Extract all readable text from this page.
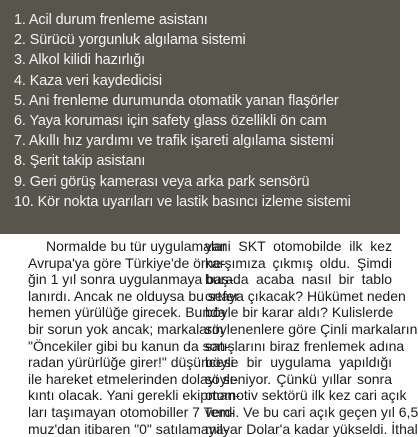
1. Acil durum frenleme asistanı
2. Sürücü yorgunluk algılama sistemi
3. Alkol kilidi hazırlığı
4. Kaza veri kaydedicisi
5. Ani frenleme durumunda otomatik yanan flaşörler
6. Yaya koruması için safety glass özellikli ön cam
7. Akıllı hız yardımı ve trafik işareti algılama sistemi
8. Şerit takip asistanı
9. Geri görüş kamerası veya arka park sensörü
10. Kör nokta uyarıları ve lastik basıncı izleme sistemi

Normalde bu tür uygulamalar
Avrupa'ya göre Türkiye'de örne-
ğin 1 yıl sonra uygulanmaya baş-
lanırdı. Ancak ne olduysa bu sefer
hemen yürülüğe girecek. Bunda
bir sorun yok ancak; markaların
"Öncekiler gibi bu kanun da son-
radan yürürlüğe girer!" düşüncesi
ile hareket etmelerinden dolayı sı-
kıntı olacak. Yani gerekli ekipman-
ları taşımayan otomobiller 7 Tem-
muz'dan itibaren "0" satılamaya-

yani SKT otomobilde ilk kez
karşımıza çıkmış oldu. Şimdi
burada acaba nasıl bir tablo
ortaya çıkacak? Hükümet neden
böyle bir karar aldı? Kulislerde
söylenenlere göre Çinli markaların
satışlarını biraz frenlemek adına
böyle bir uygulama yapıldığı
söyleniyor. Çünkü yıllar sonra
otomotiv sektörü ilk kez cari açık
verdi. Ve bu cari açık geçen yıl 6,5
milyar Dolar'a kadar yükseldi. İthal
